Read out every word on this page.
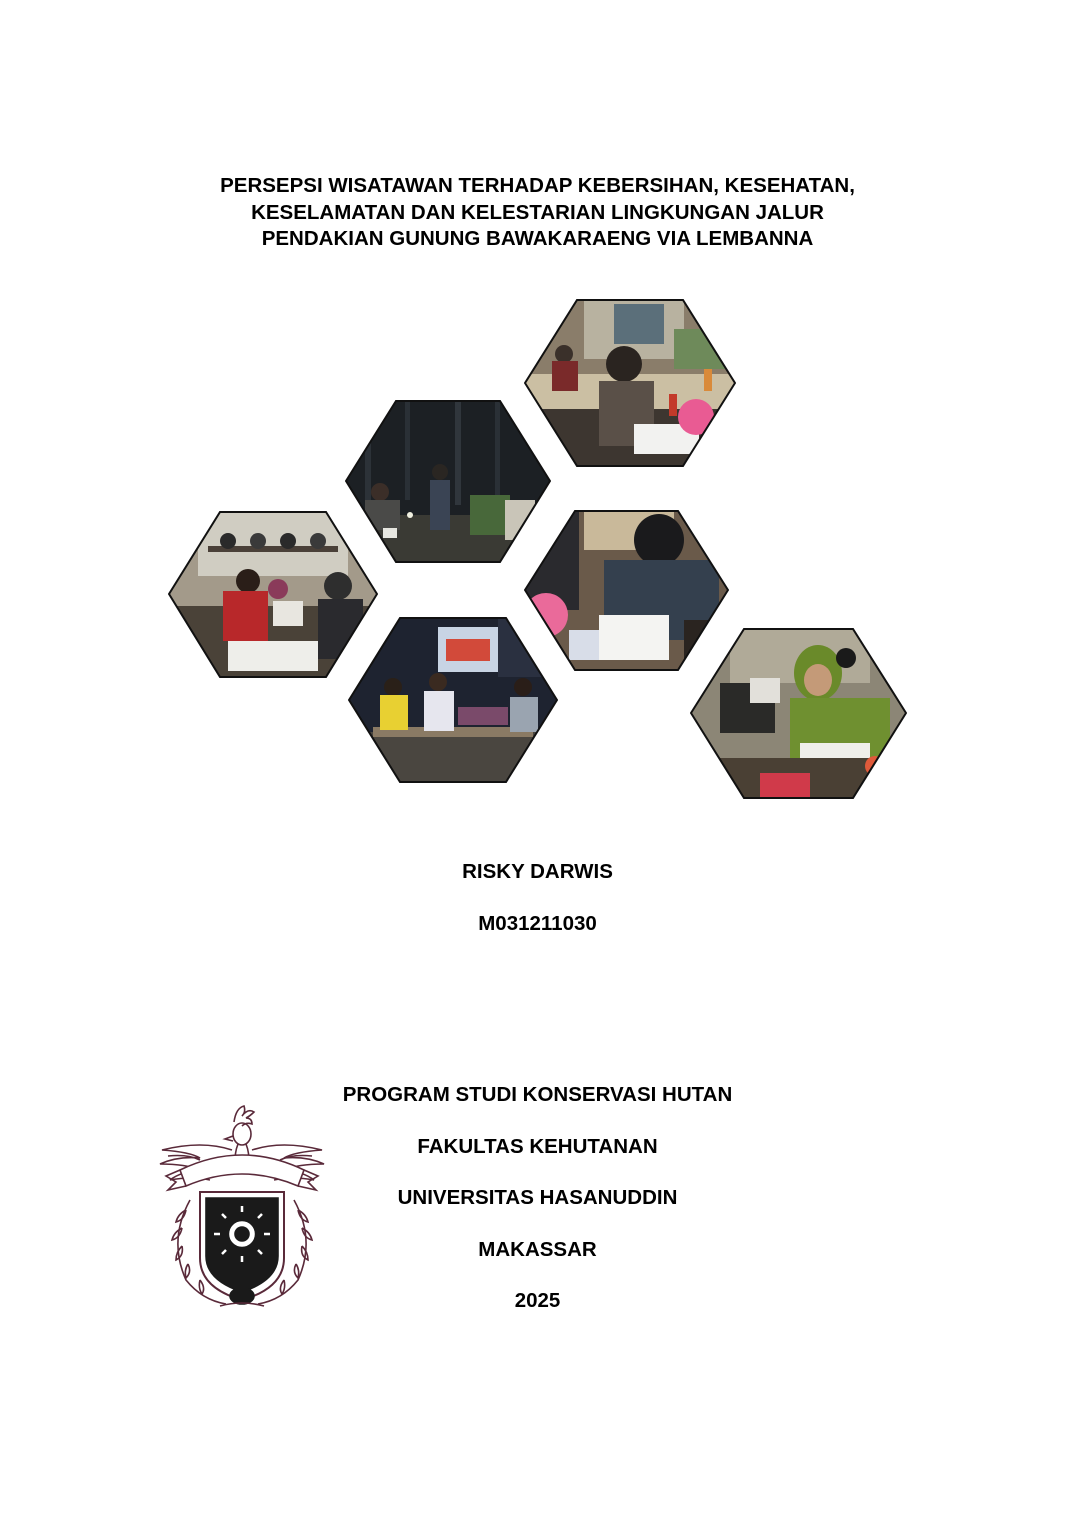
PERSEPSI WISATAWAN TERHADAP KEBERSIHAN, KESEHATAN,
KESELAMATAN DAN KELESTARIAN LINGKUNGAN JALUR
PENDAKIAN GUNUNG BAWAKARAENG VIA LEMBANNA
RISKY DARWIS
M031211030
PROGRAM STUDI KONSERVASI HUTAN
FAKULTAS KEHUTANAN
UNIVERSITAS HASANUDDIN
MAKASSAR
2025
